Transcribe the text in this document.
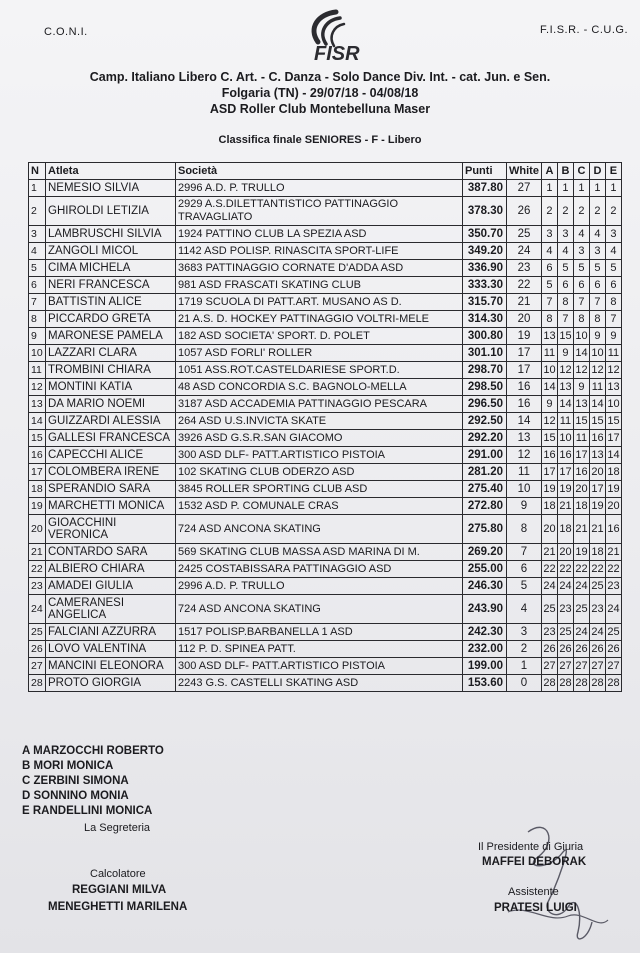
C.O.N.I.	F.I.S.R. - C.U.G.
FISR
Camp. Italiano Libero C. Art. - C. Danza - Solo Dance Div. Int. - cat. Jun. e Sen.
Folgaria (TN) - 29/07/18 - 04/08/18
ASD Roller Club Montebelluna Maser
Classifica finale SENIORES - F - Libero
N	Atleta	Società	Punti	White	A	B	C	D	E
1	NEMESIO SILVIA	2996 A.D. P. TRULLO	387.80	27	1	1	1	1	1
2	GHIROLDI LETIZIA	2929 A.S.DILETTANTISTICO PATTINAGGIO TRAVAGLIATO	378.30	26	2	2	2	2	2
3	LAMBRUSCHI SILVIA	1924 PATTINO CLUB LA SPEZIA ASD	350.70	25	3	3	4	4	3
4	ZANGOLI MICOL	1142 ASD POLISP. RINASCITA SPORT-LIFE	349.20	24	4	4	3	3	4
5	CIMA MICHELA	3683 PATTINAGGIO CORNATE D'ADDA ASD	336.90	23	6	5	5	5	5
6	NERI FRANCESCA	981 ASD FRASCATI SKATING CLUB	333.30	22	5	6	6	6	6
7	BATTISTIN ALICE	1719 SCUOLA DI PATT.ART. MUSANO AS D.	315.70	21	7	8	7	7	8
8	PICCARDO GRETA	21 A.S. D. HOCKEY PATTINAGGIO VOLTRI-MELE	314.30	20	8	7	8	8	7
9	MARONESE PAMELA	182 ASD SOCIETA' SPORT. D. POLET	300.80	19	13	15	10	9	9
10	LAZZARI CLARA	1057 ASD FORLI' ROLLER	301.10	17	11	9	14	10	11
11	TROMBINI CHIARA	1051 ASS.ROT.CASTELDARIESE SPORT.D.	298.70	17	10	12	12	12	12
12	MONTINI KATIA	48 ASD CONCORDIA S.C. BAGNOLO-MELLA	298.50	16	14	13	9	11	13
13	DA MARIO NOEMI	3187 ASD ACCADEMIA PATTINAGGIO PESCARA	296.50	16	9	14	13	14	10
14	GUIZZARDI ALESSIA	264 ASD U.S.INVICTA SKATE	292.50	14	12	11	15	15	15
15	GALLESI FRANCESCA	3926 ASD G.S.R.SAN GIACOMO	292.20	13	15	10	11	16	17
16	CAPECCHI ALICE	300 ASD DLF- PATT.ARTISTICO PISTOIA	291.00	12	16	16	17	13	14
17	COLOMBERA IRENE	102 SKATING CLUB ODERZO ASD	281.20	11	17	17	16	20	18
18	SPERANDIO SARA	3845 ROLLER SPORTING CLUB ASD	275.40	10	19	19	20	17	19
19	MARCHETTI MONICA	1532 ASD P. COMUNALE CRAS	272.80	9	18	21	18	19	20
20	GIOACCHINI VERONICA	724 ASD ANCONA SKATING	275.80	8	20	18	21	21	16
21	CONTARDO SARA	569 SKATING CLUB MASSA ASD MARINA DI M.	269.20	7	21	20	19	18	21
22	ALBIERO CHIARA	2425 COSTABISSARA PATTINAGGIO ASD	255.00	6	22	22	22	22	22
23	AMADEI GIULIA	2996 A.D. P. TRULLO	246.30	5	24	24	24	25	23
24	CAMERANESI ANGELICA	724 ASD ANCONA SKATING	243.90	4	25	23	25	23	24
25	FALCIANI AZZURRA	1517 POLISP.BARBANELLA 1 ASD	242.30	3	23	25	24	24	25
26	LOVO VALENTINA	112 P. D. SPINEA PATT.	232.00	2	26	26	26	26	26
27	MANCINI ELEONORA	300 ASD DLF- PATT.ARTISTICO PISTOIA	199.00	1	27	27	27	27	27
28	PROTO GIORGIA	2243 G.S. CASTELLI SKATING ASD	153.60	0	28	28	28	28	28
A MARZOCCHI ROBERTO
B MORI MONICA
C ZERBINI SIMONA
D SONNINO MONIA
E RANDELLINI MONICA
La Segreteria
Il Presidente di Giuria
MAFFEI DEBORAK
Calcolatore
REGGIANI MILVA
MENEGHETTI MARILENA
Assistente
PRATESI LUIGI
